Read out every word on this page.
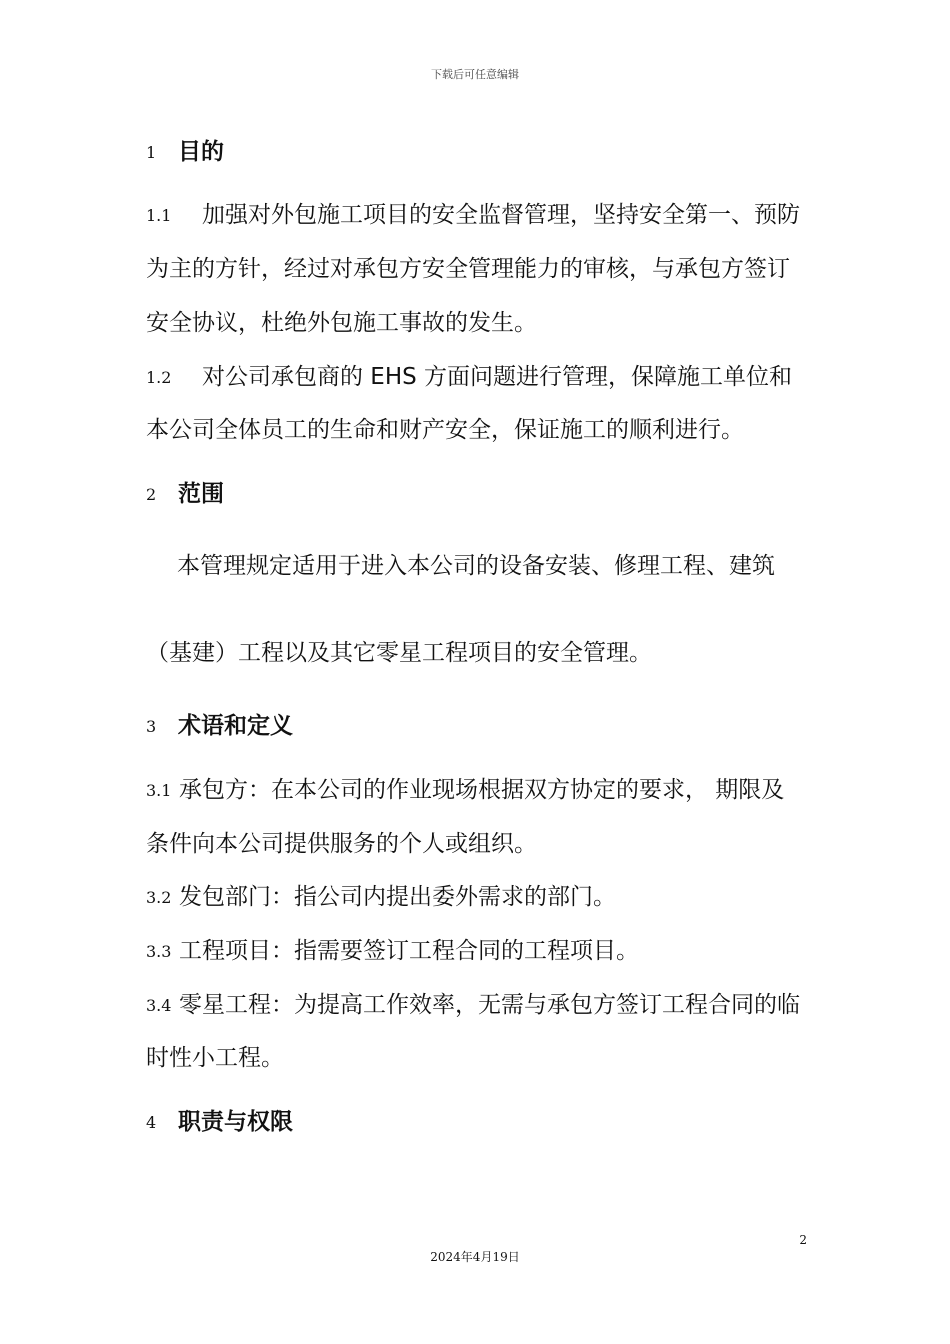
下载后可任意编辑
1 目的
1.1 加强对外包施工项目的安全监督管理，坚持安全第一、预防
为主的方针，经过对承包方安全管理能力的审核，与承包方签订
安全协议，杜绝外包施工事故的发生。
1.2 对公司承包商的 EHS 方面问题进行管理，保障施工单位和
本公司全体员工的生命和财产安全，保证施工的顺利进行。
2 范围
本管理规定适用于进入本公司的设备安装、修理工程、建筑
（基建）工程以及其它零星工程项目的安全管理。
3 术语和定义
3.1 承包方：在本公司的作业现场根据双方协定的要求， 期限及
条件向本公司提供服务的个人或组织。
3.2 发包部门：指公司内提出委外需求的部门。
3.3 工程项目：指需要签订工程合同的工程项目。
3.4 零星工程：为提高工作效率，无需与承包方签订工程合同的临
时性小工程。
4 职责与权限
2
2024年4月19日
